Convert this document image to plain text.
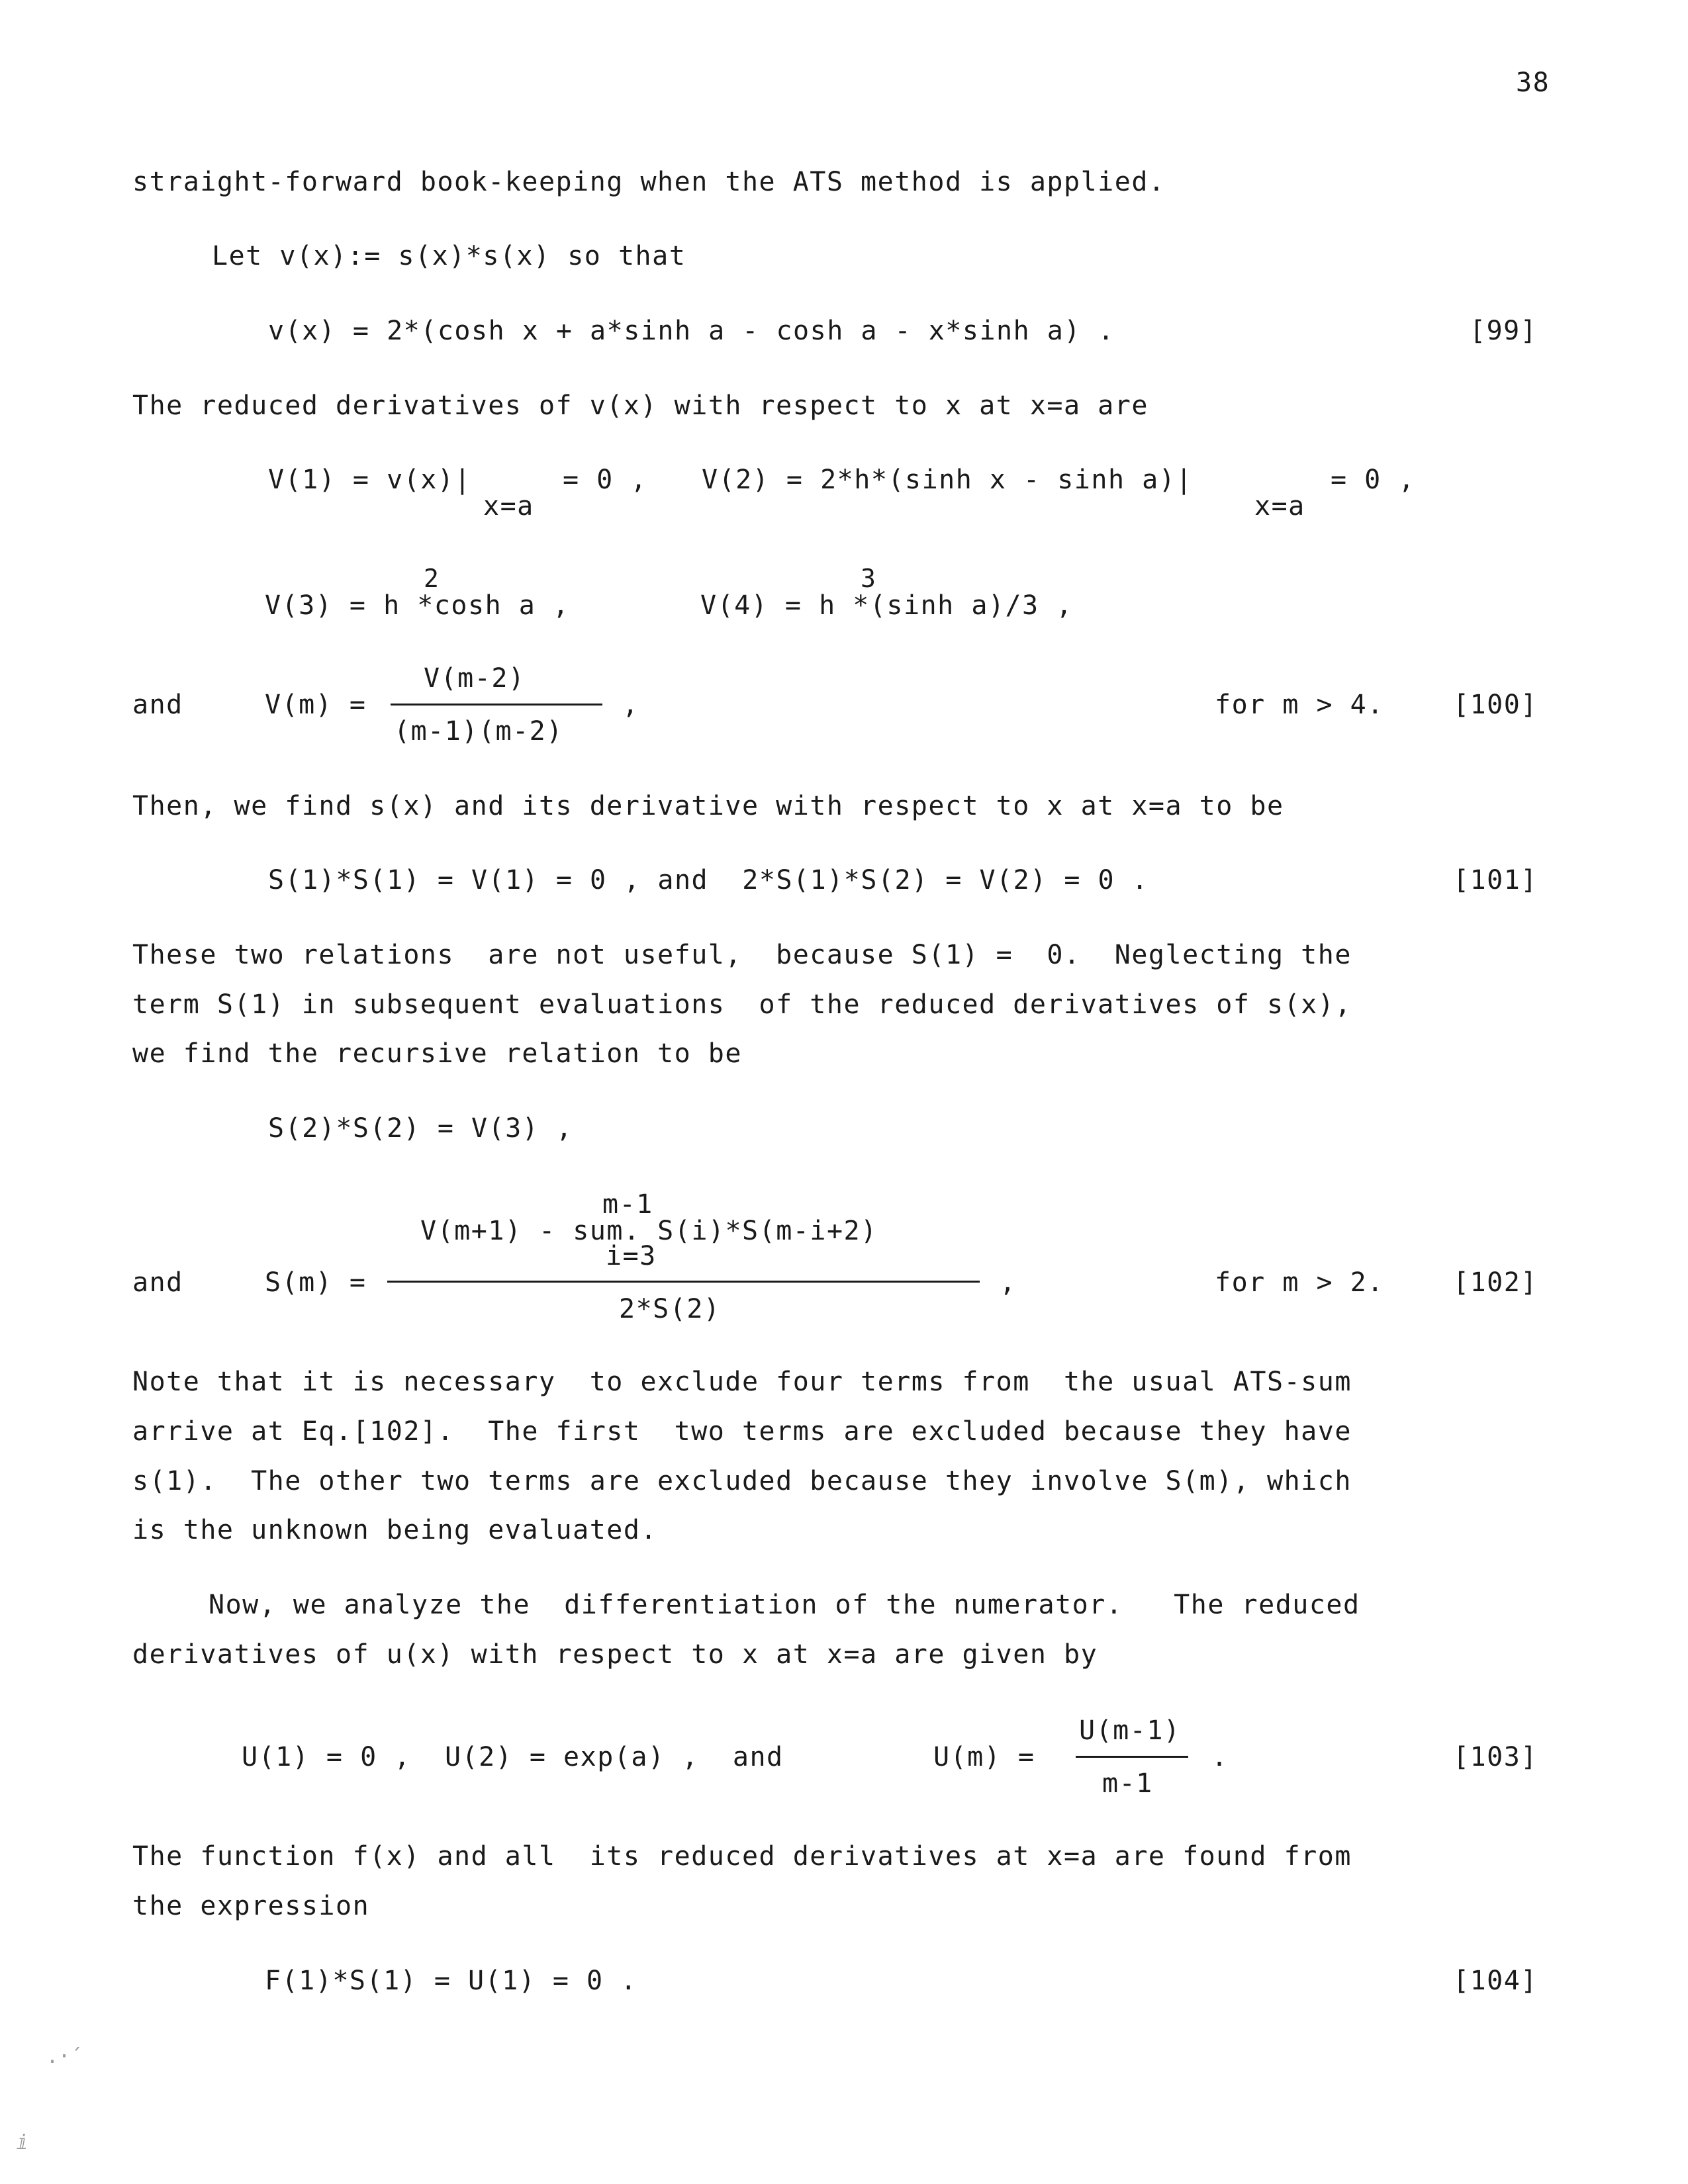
38
straight-forward book-keeping when the ATS method is applied.
Let v(x):= s(x)*s(x) so that
v(x) = 2*(cosh x + a*sinh a - cosh a - x*sinh a) .	[99]
The reduced derivatives of v(x) with respect to x at x=a are
V(1) = v(x)|
x=a
= 0 , V(2) = 2*h*(sinh x - sinh a)|
x=a
= 0 ,
2
V(3) = h *cosh a ,
3
V(4) = h *(sinh a)/3 ,
V(m-2)
and	V(m) =	,
(m-1)(m-2)
for m > 4.	[100]
Then, we find s(x) and its derivative with respect to x at x=a to be
S(1)*S(1) = V(1) = 0 , and  2*S(1)*S(2) = V(2) = 0 .	[101]
These two relations  are not useful,  because S(1) =  0.  Neglecting the
term S(1) in subsequent evaluations  of the reduced derivatives of s(x),
we find the recursive relation to be
S(2)*S(2) = V(3) ,
m-1
V(m+1) - sum. S(i)*S(m-i+2)
i=3
and	S(m) =	,
2*S(2)
for m > 2.	[102]
Note that it is necessary  to exclude four terms from  the usual ATS-sum
arrive at Eq.[102].  The first  two terms are excluded because they have
s(1).  The other two terms are excluded because they involve S(m), which
is the unknown being evaluated.
Now, we analyze the  differentiation of the numerator.   The reduced
derivatives of u(x) with respect to x at x=a are given by
U(m-1)
U(1) = 0 ,  U(2) = exp(a) ,  and	U(m) =	.
m-1
[103]
The function f(x) and all  its reduced derivatives at x=a are found from
the expression
F(1)*S(1) = U(1) = 0 .	[104]
.·´
ⅈ
